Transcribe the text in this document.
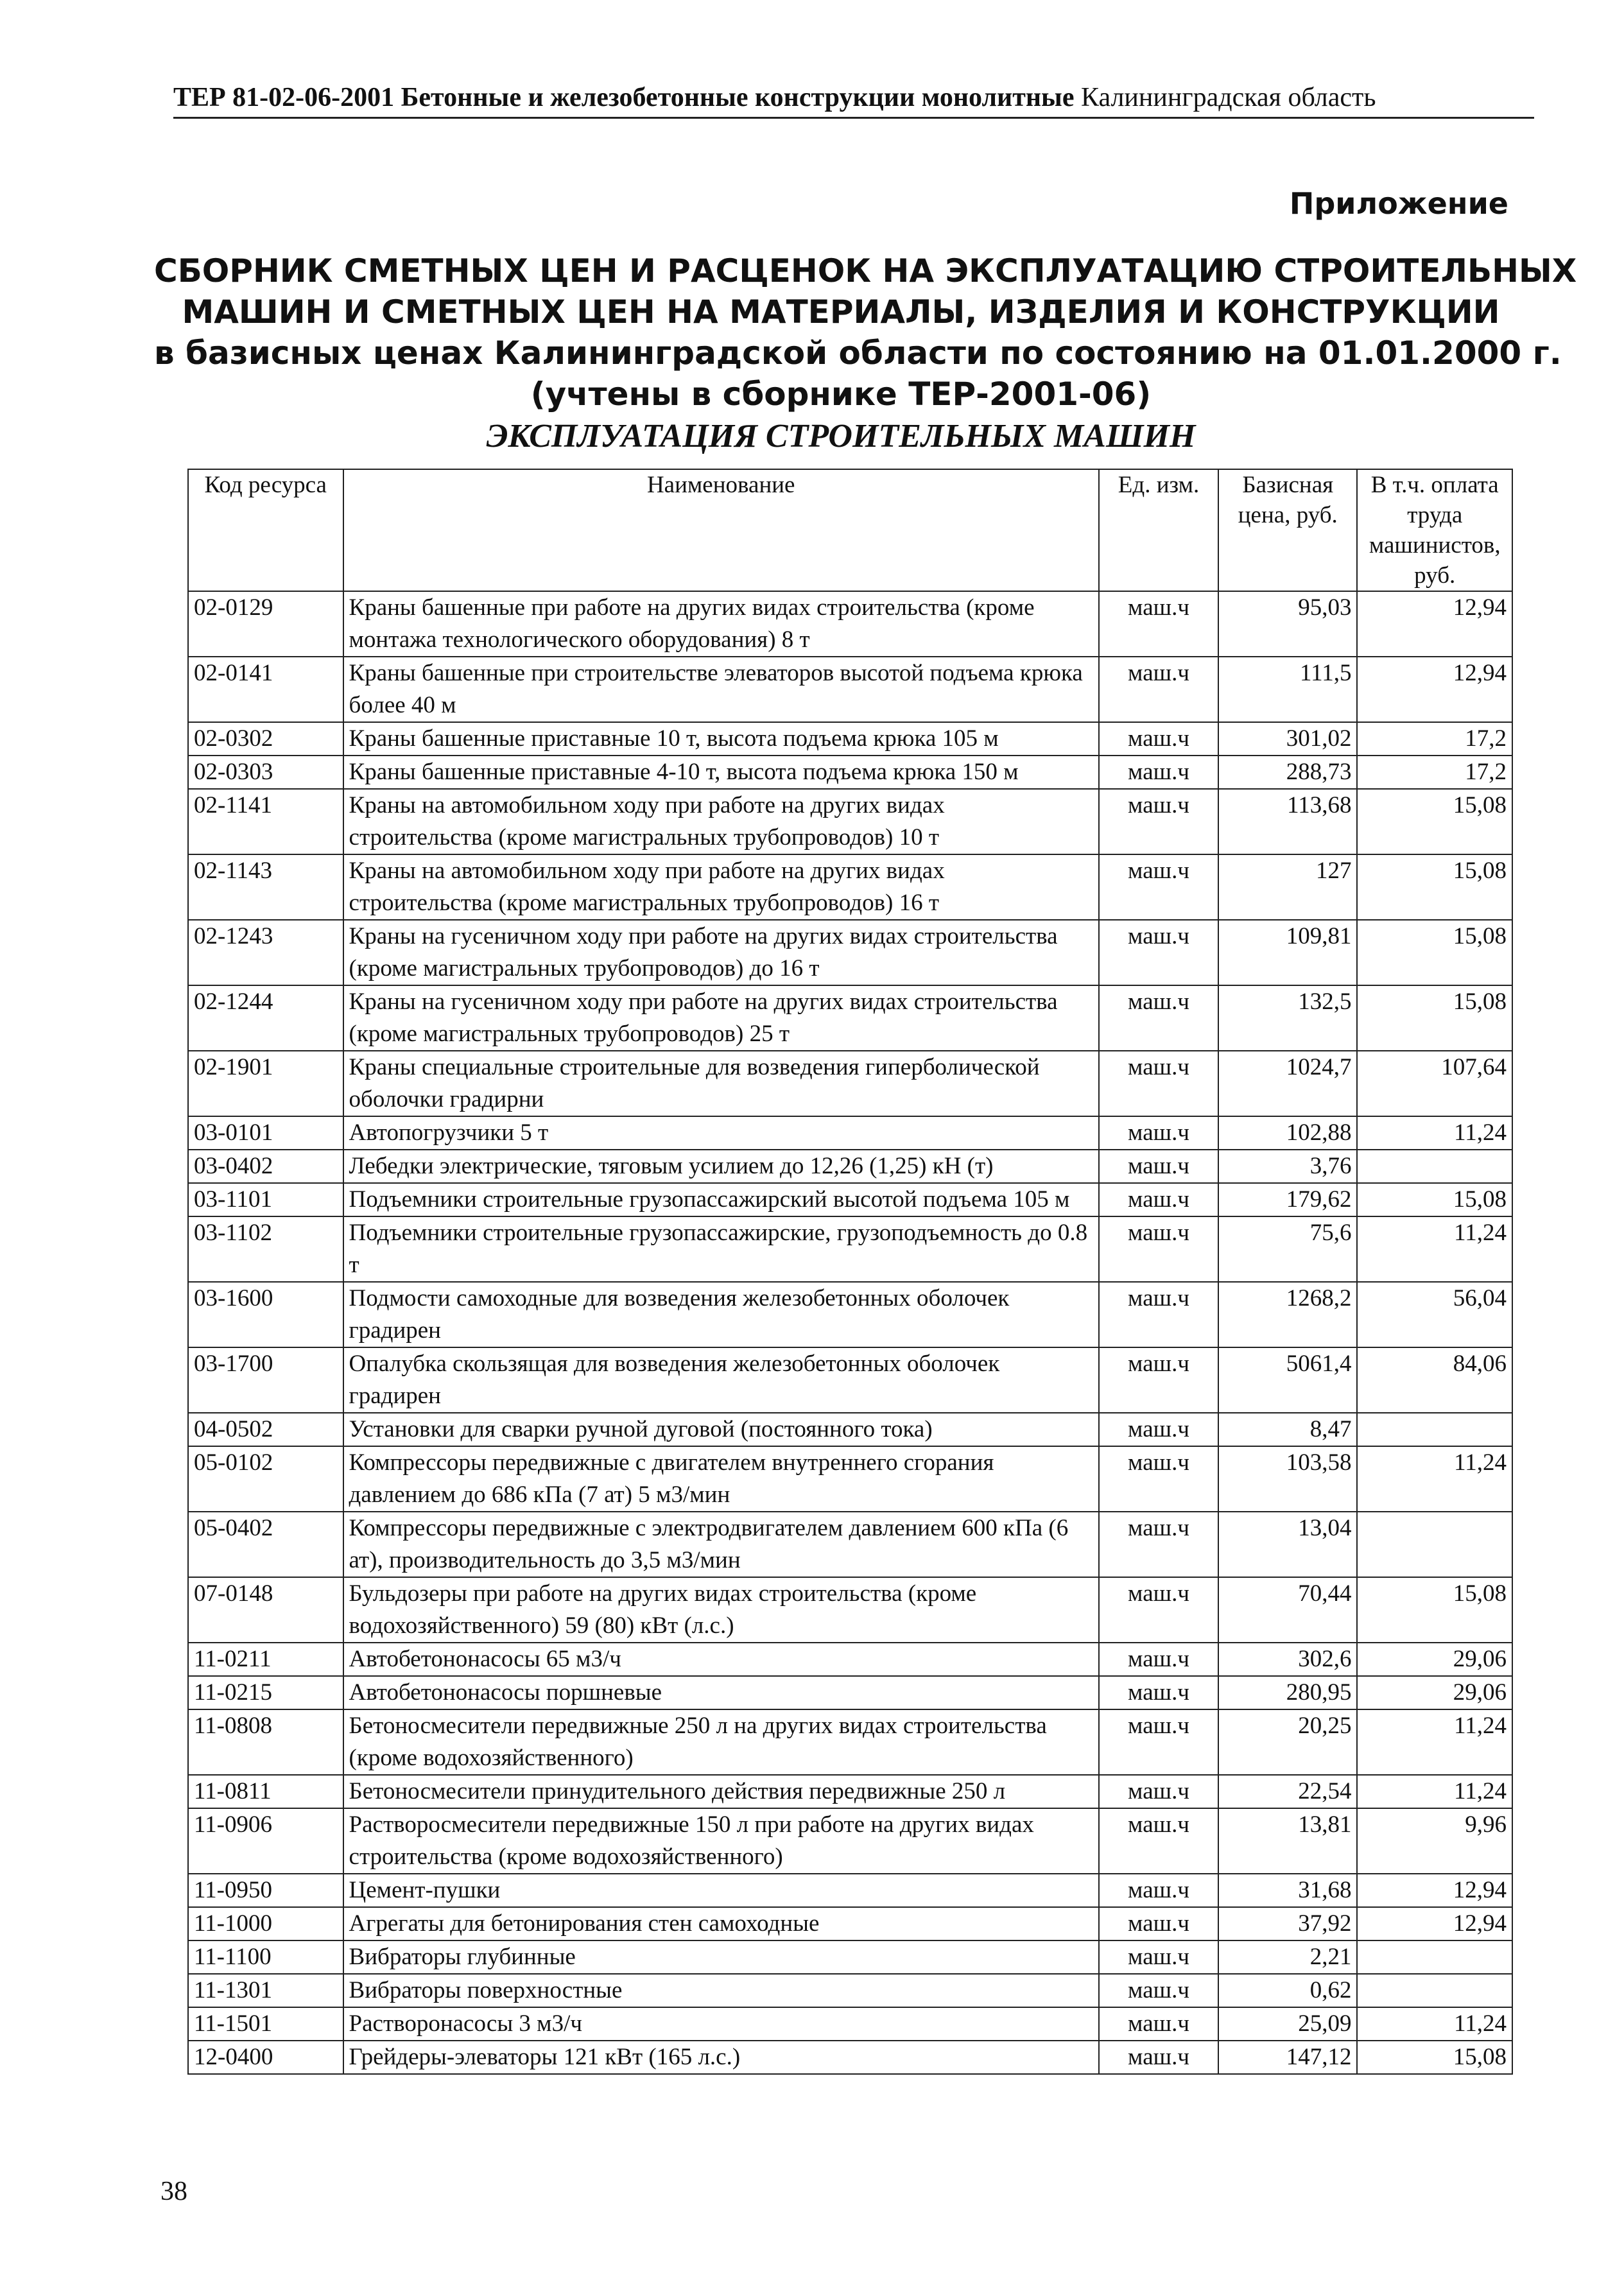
ТЕР 81-02-06-2001 Бетонные и железобетонные конструкции монолитные Калининградская область
Приложение
СБОРНИК СМЕТНЫХ ЦЕН И РАСЦЕНОК НА ЭКСПЛУАТАЦИЮ СТРОИТЕЛЬНЫХ
МАШИН И СМЕТНЫХ ЦЕН НА МАТЕРИАЛЫ, ИЗДЕЛИЯ И КОНСТРУКЦИИ
в базисных ценах Калининградской области по состоянию на 01.01.2000 г.
(учтены в сборнике ТЕР-2001-06)
ЭКСПЛУАТАЦИЯ СТРОИТЕЛЬНЫХ МАШИН
Код ресурса	Наименование	Ед. изм.	Базисная цена, руб.	В т.ч. оплата труда машинистов, руб.
02-0129	Краны башенные при работе на других видах строительства (кроме монтажа технологического оборудования) 8 т	маш.ч	95,03	12,94
02-0141	Краны башенные при строительстве элеваторов высотой подъема крюка более 40 м	маш.ч	111,5	12,94
02-0302	Краны башенные приставные 10 т, высота подъема крюка 105 м	маш.ч	301,02	17,2
02-0303	Краны башенные приставные 4-10 т, высота подъема крюка 150 м	маш.ч	288,73	17,2
02-1141	Краны на автомобильном ходу при работе на других видах строительства (кроме магистральных трубопроводов) 10 т	маш.ч	113,68	15,08
02-1143	Краны на автомобильном ходу при работе на других видах строительства (кроме магистральных трубопроводов) 16 т	маш.ч	127	15,08
02-1243	Краны на гусеничном ходу при работе на других видах строительства (кроме магистральных трубопроводов) до 16 т	маш.ч	109,81	15,08
02-1244	Краны на гусеничном ходу при работе на других видах строительства (кроме магистральных трубопроводов) 25 т	маш.ч	132,5	15,08
02-1901	Краны специальные строительные для возведения гиперболической оболочки градирни	маш.ч	1024,7	107,64
03-0101	Автопогрузчики 5 т	маш.ч	102,88	11,24
03-0402	Лебедки электрические, тяговым усилием до 12,26 (1,25) кН (т)	маш.ч	3,76	
03-1101	Подъемники строительные грузопассажирский высотой подъема 105 м	маш.ч	179,62	15,08
03-1102	Подъемники строительные грузопассажирские, грузоподъемность до 0.8 т	маш.ч	75,6	11,24
03-1600	Подмости самоходные для возведения железобетонных оболочек градирен	маш.ч	1268,2	56,04
03-1700	Опалубка скользящая для возведения железобетонных оболочек градирен	маш.ч	5061,4	84,06
04-0502	Установки для сварки ручной дуговой (постоянного тока)	маш.ч	8,47	
05-0102	Компрессоры передвижные с двигателем внутреннего сгорания давлением до 686 кПа (7 ат) 5 м3/мин	маш.ч	103,58	11,24
05-0402	Компрессоры передвижные с электродвигателем давлением 600 кПа (6 ат), производительность до 3,5 м3/мин	маш.ч	13,04	
07-0148	Бульдозеры при работе на других видах строительства (кроме водохозяйственного) 59 (80) кВт (л.с.)	маш.ч	70,44	15,08
11-0211	Автобетононасосы 65 м3/ч	маш.ч	302,6	29,06
11-0215	Автобетононасосы поршневые	маш.ч	280,95	29,06
11-0808	Бетоносмесители передвижные 250 л на других видах строительства (кроме водохозяйственного)	маш.ч	20,25	11,24
11-0811	Бетоносмесители принудительного действия передвижные 250 л	маш.ч	22,54	11,24
11-0906	Растворосмесители передвижные 150 л при работе на других видах строительства (кроме водохозяйственного)	маш.ч	13,81	9,96
11-0950	Цемент-пушки	маш.ч	31,68	12,94
11-1000	Агрегаты для бетонирования стен самоходные	маш.ч	37,92	12,94
11-1100	Вибраторы глубинные	маш.ч	2,21	
11-1301	Вибраторы поверхностные	маш.ч	0,62	
11-1501	Растворонасосы 3 м3/ч	маш.ч	25,09	11,24
12-0400	Грейдеры-элеваторы 121 кВт (165 л.с.)	маш.ч	147,12	15,08
38
